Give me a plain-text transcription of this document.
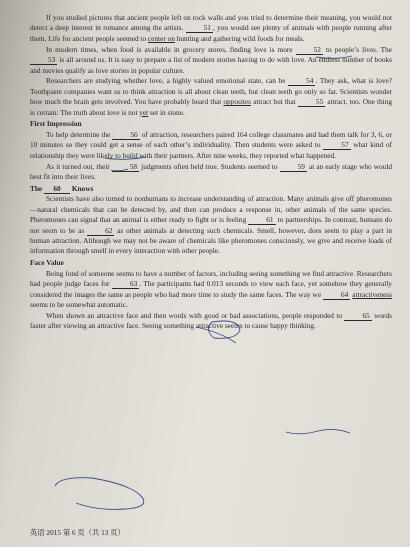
If you studied pictures that ancient people left on rock walls and you tried to determine their meaning, you would not detect a deep interest in romance among the artists. 51 , you would see plenty of animals with people running after them. Life for ancient people seemed to center on hunting and gathering wild foods for meals.
In modern times, when food is available in grocery stores, finding love is more 52 to people’s lives. The 53 is all around us. It is easy to prepare a list of modern stories having to do with love. An endless number of books and movies qualify as love stories in popular culture.
Researchers are studying whether love, a highly valued emotional state, can be 54 . They ask, what is love? Toothpaste companies want us to think attraction is all about clean teeth, but clean teeth go only so far. Scientists wonder how much the brain gets involved. You have probably heard that opposites attract but that 55 attract, too. One thing is certain: The truth about love is not yet set in stone.
First Impression
To help determine the 56 of attraction, researchers paired 164 college classmates and had them talk for 3, 6, or 10 minutes so they could get a sense of each other’s individuality. Then students were asked to 57 what kind of relationship they were likely to build with their partners. After nine weeks, they reported what happened.
As it turned out, their 58 judgments often held true. Students seemed to 59 at an early stage who would best fit into their lives.
The 60 Knows
Scientists have also turned to nonhumans to increase understanding of attraction. Many animals give off pheromones—natural chemicals that can be detected by, and then can produce a response in, other animals of the same species. Pheromones can signal that an animal is either ready to fight or is feeling 61 to partnerships. In contrast, humans do not seem to be as 62 as other animals at detecting such chemicals. Smell, however, does seem to play a part in human attraction. Although we may not be aware of chemicals like pheromones consciously, we give and receive loads of information through smell in every interaction with other people.
Face Value
Being fond of someone seems to have a number of factors, including seeing something we find attractive. Researchers had people judge faces for 63 . The participants had 0.013 seconds to view each face, yet somehow they generally considered the images the same as people who had more time to study the same faces. The way we 64 attractiveness seems to be somewhat automatic.
When shown an attractive face and then words with good or bad associations, people responded to 65 words faster after viewing an attractive face. Seeing something attractive seems to cause happy thinking.
英语 2015 第 6 页（共 13 页）
